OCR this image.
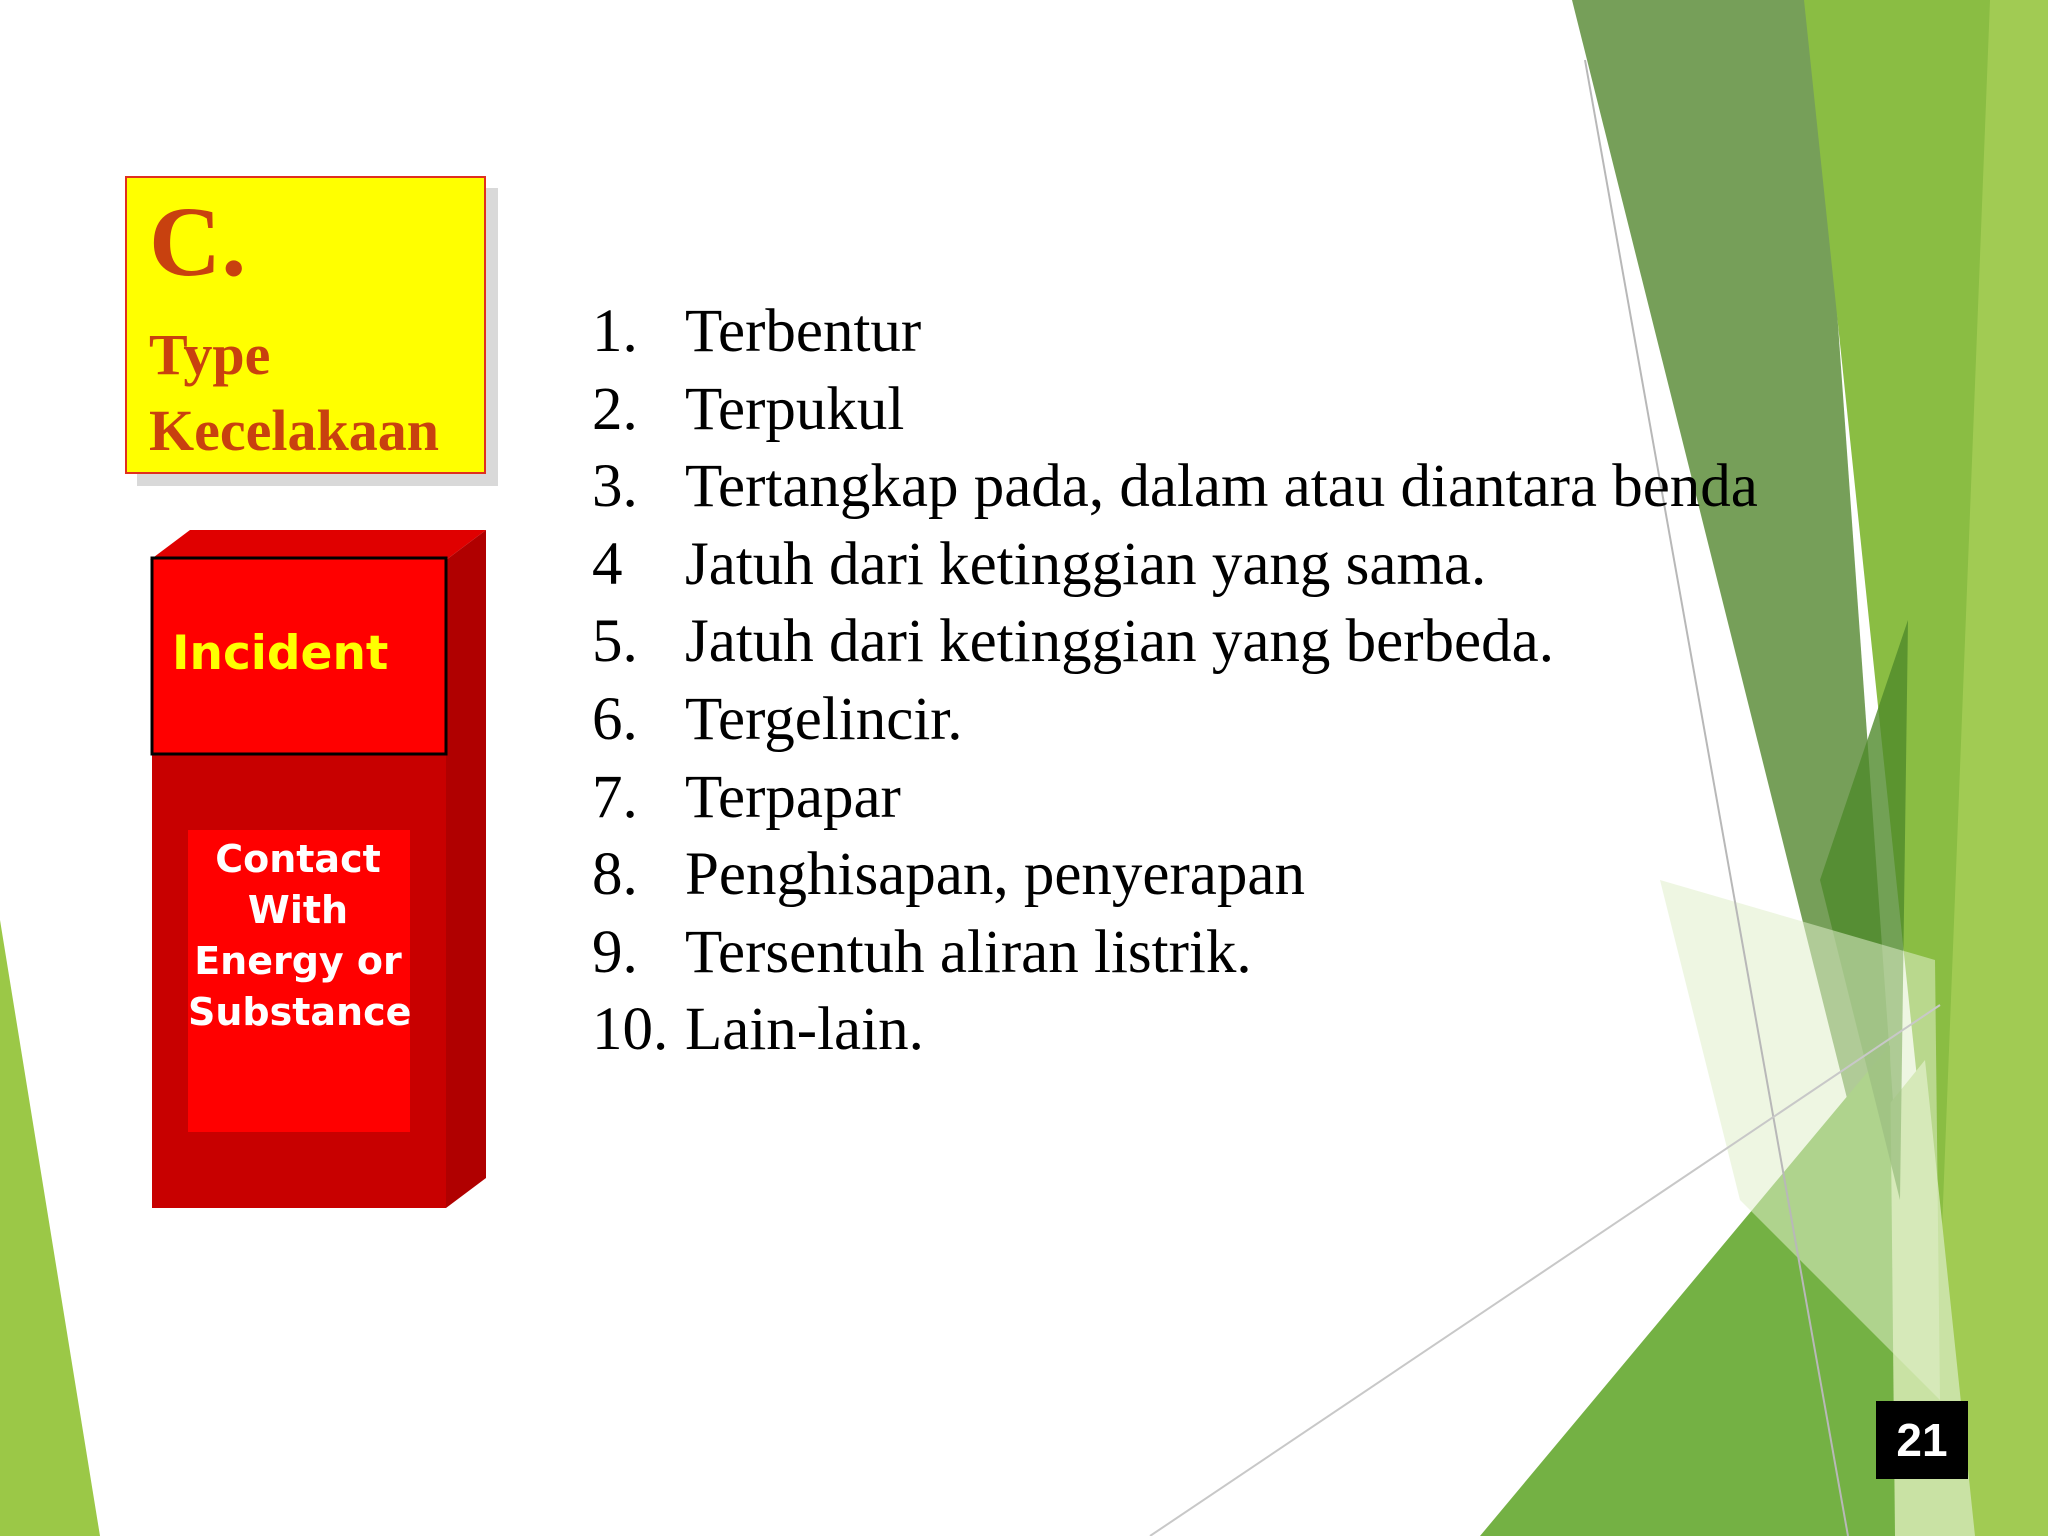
C.
Type
Kecelakaan
Incident
Contact
With
Energy or
Substance
1. Terbentur
2. Terpukul
3. Tertangkap pada, dalam atau diantara benda
4 Jatuh dari ketinggian yang sama.
5. Jatuh dari ketinggian yang berbeda.
6. Tergelincir.
7. Terpapar
8. Penghisapan, penyerapan
9. Tersentuh aliran listrik.
10. Lain-lain.
21
